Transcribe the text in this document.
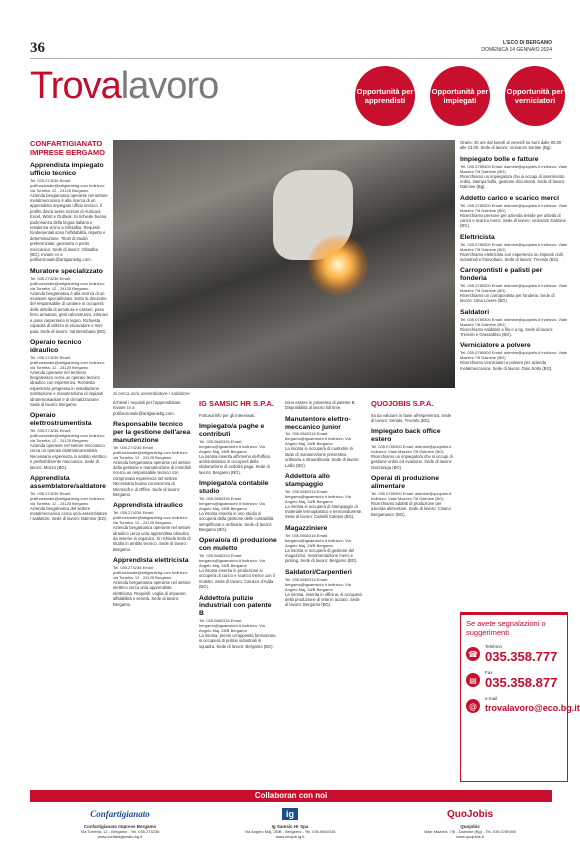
36	L'ECO DI BERGAMO
DOMENICA 14 GENNAIO 2024
Trovalavoro	Opportunità per apprendisti
Opportunità per impiegati
Opportunità per verniciatori
Si cerca un/a assemblatore / saldatore
CONFARTIGIANATO IMPRESE BERGAMO
Apprendista impiegato ufficio tecnico
Tel. 035.274236 Email: polifunzionale@artigianiebg.com Indirizzo: via Torretta, 12 - 24125 Bergamo
Azienda bergamasca operante nel settore metalmeccanico è alla ricerca di un apprendista impiegato ufficio tecnico. Il profilo dovrà avere nozioni di Autocad, Excel, Word e Outlook. Si richiede buona padronanza della lingua italiana e residenza vicino a Ghisalba. Requisiti fondamentali sono l'affidabilità, rispetto e determinazione. Titolo di studio preferenziale: geometra o perito meccanico. Sede di lavoro: Ghisalba (BG). Inviare cv a polifunzionale@artigianiebg.com.
Muratore specializzato
Tel. 035.274236 Email: polifunzionale@artigianiebg.com Indirizzo: via Torretta, 12 - 24125 Bergamo
Azienda bergamasca è alla ricerca di un muratore specializzato. Sotto la direzione del responsabile di cantiere si occuperà delle attività di armatura e casseri, posa ferro armatura, getti calcestruzzo, intonaci e posa carpenteria in legno. Richiesta capacità di utilizzo di escavatore e mini pala. Sede di lavoro: Val Brembana (BG).
Operaio tecnico idraulico
Tel. 035.274236 Email: polifunzionale@artigianiebg.com Indirizzo: via Torretta, 12 - 24125 Bergamo
Azienda operante nel territorio bergamasco cerca un operaio tecnico idraulico con esperienza. Richiesta esperienza pregressa in installazione, sostituzione e manutenzione di impianti idrotermosanitari e di climatizzazione. Sede di lavoro: Bergamo.
Operaio elettrostrumentista
Tel. 035.274236 Email: polifunzionale@artigianiebg.com Indirizzo: via Torretta, 12 - 24125 Bergamo
Azienda operante nel settore meccanico cerca un operaio elettrostrumentista. Necessaria esperienza in ambito elettrico e preferibilmente meccanico. Sede di lavoro: Mozzo (BG).
Apprendista assemblatore/saldatore
Tel. 035.274236 Email: polifunzionale@artigianiebg.com Indirizzo: via Torretta, 12 - 24125 Bergamo
Azienda bergamasca del settore metalmeccanico cerca un/a assemblatore / saldatore. Sede di lavoro: Dalmine (BG).
richiesti i requisiti per l'apprendistato. Inviare cv a polifunzionale@artigianiebg.com.
Responsabile tecnico per la gestione dell'area manutenzione
Tel. 035.274236 Email: polifunzionale@artigianiebg.com Indirizzo: via Torretta, 12 - 24125 Bergamo
Azienda bergamasca operante nel settore della gestione e manutenzione di immobili ricerca un responsabile tecnico con comprovata esperienza nel settore. Necessaria buona conoscenza di Microsoft e di Office. Sede di lavoro: Bergamo.
Apprendista idraulico
Tel. 035.274236 Email: polifunzionale@artigianiebg.com Indirizzo: via Torretta, 12 - 24125 Bergamo
Azienda bergamasca operante nel settore idraulico cerca un/a apprendista idraulico da inserire in organico. Si richiede titolo di studio in ambito tecnico. Sede di lavoro: Bergamo.
Apprendista elettricista
Tel. 035.274236 Email: polifunzionale@artigianiebg.com Indirizzo: via Torretta, 12 - 24125 Bergamo
Azienda bergamasca operante nel settore elettrico cerca un/a apprendista elettricista. Requisiti: voglia di imparare, affidabilità e serietà. Sede di lavoro: Bergamo.
IG SAMSIC HR S.P.A.
Fortuna/Info per gli interessati.
Impiegato/a paghe e contributi
Tel. 035.0660316 Email: bergamo@igsamsichr.it Indirizzo: Via Angelo Maj, 28/B Bergamo
La risorsa inserita all'interno dell'ufficio amministrativo si occuperà della elaborazione di cedolini paga. Sede di lavoro: Bergamo (BG).
Impiegato/a contabile studio
Tel. 035.0660316 Email: bergamo@igsamsichr.it Indirizzo: Via Angelo Maj, 28/B Bergamo
La risorsa inserita in uno studio si occuperà della gestione delle contabilità semplificate e ordinarie. Sede di lavoro: Bergamo (BG).
Operaio/a di produzione con muletto
Tel. 035.0660316 Email: bergamo@igsamsichr.it Indirizzo: Via Angelo Maj, 28/B Bergamo
La risorsa inserita in produzione si occuperà di carico e scarico merce con il muletto. Sede di lavoro: Calusco d'Adda (BG).
Addetto/a pulizie industriali con patente B
Tel. 035.0660316 Email: bergamo@igsamsichr.it Indirizzo: Via Angelo Maj, 28/B Bergamo
La risorsa, previo un'apposita formazione, si occuperà di pulizie industriali in squadra. Sede di lavoro: Bergamo (BG).
sono essere in possesso di patente B. Disponibilità al lavoro full time.
Manutentore elettro-meccanico junior
Tel. 035.0660316 Email: bergamo@igsamsichr.it Indirizzo: Via Angelo Maj, 28/B Bergamo
La risorsa si occuperà di custodire lo stato di manutenzione preventiva ordinaria e straordinaria. Sede di lavoro: Lallio (BG).
Addetto/a allo stampaggio
Tel. 035.0660316 Email: bergamo@igsamsichr.it Indirizzo: Via Angelo Maj, 28/B Bergamo
La risorsa si occuperà di stampaggio di materiale termoplastico e termoindurente. Sede di lavoro: Castelli Calepio (BG).
Magazziniere
Tel. 035.0660316 Email: bergamo@igsamsichr.it Indirizzo: Via Angelo Maj, 28/B Bergamo
La risorsa si occuperà di gestione del magazzino, movimentazione merci e picking. Sede di lavoro: Bergamo (BG).
Saldatori/Carpentieri
Tel. 035.0660316 Email: bergamo@igsamsichr.it Indirizzo: Via Angelo Maj, 28/B Bergamo
La risorsa, inserita in officina, si occuperà della produzione di telai in acciaio. Sede di lavoro: Bergamo (BG).
QUOJOBIS S.P.A.
tra da valutare in base all'esperienza. Sede di lavoro: Seriate, Treviolo (BG).
Impiegato back office estero
Tel. 035.0789300 Email: dalmine@quojobis.it Indirizzo: Viale Mazzini 7/8 Dalmine (BG)
Ricerchiamo un impiegato/a che si occupi di gestione ordini ed evasione. Sede di lavoro: Gazzaniga (BG).
Operai di produzione alimentare
Tel. 035.0789300 Email: dalmine@quojobis.it Indirizzo: Viale Mazzini 7/8 Dalmine (BG)
Ricerchiamo addetti di produzione per azienda alimentare. Sede di lavoro: Cisano Bergamasco (BG).
Orario: 40 ore dal lunedì al venerdì su turni dalle 05.00 alle 23.00. Sede di lavoro: vicinanze Seriate (Bg).
Impiegato bolle e fatture
Tel. 035.0789300 Email: dalmine@quojobis.it Indirizzo: Viale Mazzini 7/8 Dalmine (BG)
Ricerchiamo un impiegato/a che si occupi di inserimento ordini, stampa bolle, gestione documenti. Sede di lavoro: Dalmine (Bg).
Addetto carico e scarico merci
Tel. 035.0789300 Email: dalmine@quojobis.it Indirizzo: Viale Mazzini 7/8 Dalmine (BG)
Ricerchiamo persone per azienda tessile per attività di carico e scarico merci. Sede di lavoro: vicinanze Dalmine (BG).
Elettricista
Tel. 035.0789300 Email: dalmine@quojobis.it Indirizzo: Viale Mazzini 7/8 Dalmine (BG)
Ricerchiamo elettricista con esperienza su impianti civili, industriali e fotovoltaici. Sede di lavoro: Treviolo (BG).
Carropontisti e palisti per fonderia
Tel. 035.0789300 Email: dalmine@quojobis.it Indirizzo: Viale Mazzini 7/8 Dalmine (BG)
Ricerchiamo un carropontista per fonderia. Sede di lavoro: zona Lovere (BG).
Saldatori
Tel. 035.0789300 Email: dalmine@quojobis.it Indirizzo: Viale Mazzini 7/8 Dalmine (BG)
Ricerchiamo saldatori a filo e a tig. Sede di lavoro: Treviolo e Grassobbio (BG).
Verniciatore a polvere
Tel. 035.0789300 Email: dalmine@quojobis.it Indirizzo: Viale Mazzini 7/8 Dalmine (BG)
Ricerchiamo verniciatori a polvere per azienda metalmeccanica. Sede di lavoro: Osio Sotto (BG).
Se avete segnalazioni o suggerimenti
☎
Telefono
035.358.777
▤
Fax
035.358.877
@
e-mail
trovalavoro@eco.bg.it
Collaboran con noi
Confartigianato
Confartigianato Imprese Bergamo
Via Torretta, 12 - Bergamo - Tel. 035.274236
www.confartigianato.bg.it
ig
Ig Samsic Hr Spa
Via Angelo Maj, 28/B - Bergamo - Tel. 035.0660316
www.infojob.ig.it
QuoJobis
Quojobis
Viale Mazzini, 7/8 - Dalmine (Bg) - Tel. 035.0789300
www.quojobis.it
